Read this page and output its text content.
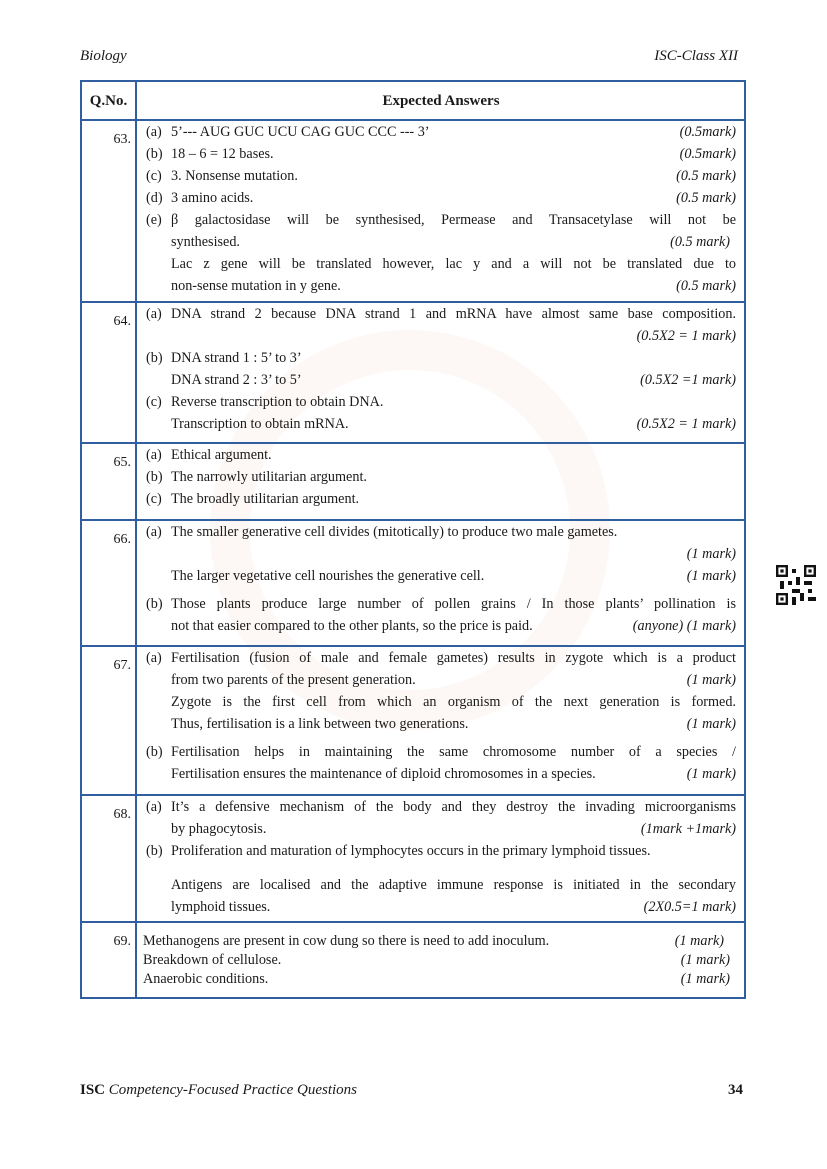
Biology	ISC-Class XII
Q.No.	Expected Answers
63.	(a) 5’--- AUG GUC UCU CAG GUC CCC --- 3’	(0.5mark)
(b) 18 – 6 = 12 bases.	(0.5mark)
(c) 3. Nonsense mutation.	(0.5 mark)
(d) 3 amino acids.	(0.5 mark)
(e) β galactosidase will be synthesised, Permease and Transacetylase will not be
synthesised.	(0.5 mark)
Lac z gene will be translated however, lac y and a will not be translated due to
non-sense mutation in y gene.	(0.5 mark)
64.	(a) DNA strand 2 because DNA strand 1 and mRNA have almost same base composition.
(0.5X2 = 1 mark)
(b) DNA strand 1 : 5’ to 3’
DNA strand 2 : 3’ to 5’	(0.5X2 =1 mark)
(c) Reverse transcription to obtain DNA.
Transcription to obtain mRNA.	(0.5X2 = 1 mark)
65.	(a) Ethical argument.
(b) The narrowly utilitarian argument.
(c) The broadly utilitarian argument.
66.	(a) The smaller generative cell divides (mitotically) to produce two male gametes.
(1 mark)
The larger vegetative cell nourishes the generative cell.	(1 mark)
(b) Those plants produce large number of pollen grains / In those plants’ pollination is
not that easier compared to the other plants, so the price is paid.	(anyone) (1 mark)
67.	(a) Fertilisation (fusion of male and female gametes) results in zygote which is a product
from two parents of the present generation.	(1 mark)
Zygote is the first cell from which an organism of the next generation is formed.
Thus, fertilisation is a link between two generations.	(1 mark)
(b) Fertilisation helps in maintaining the same chromosome number of a species /
Fertilisation ensures the maintenance of diploid chromosomes in a species.	(1 mark)
68.	(a) It’s a defensive mechanism of the body and they destroy the invading microorganisms
by phagocytosis.	(1mark +1mark)
(b) Proliferation and maturation of lymphocytes occurs in the primary lymphoid tissues.
Antigens are localised and the adaptive immune response is initiated in the secondary
lymphoid tissues.	(2X0.5=1 mark)
69. Methanogens are present in cow dung so there is need to add inoculum.	(1 mark)
Breakdown of cellulose.	(1 mark)
Anaerobic conditions.	(1 mark)
ISC Competency-Focused Practice Questions	34
